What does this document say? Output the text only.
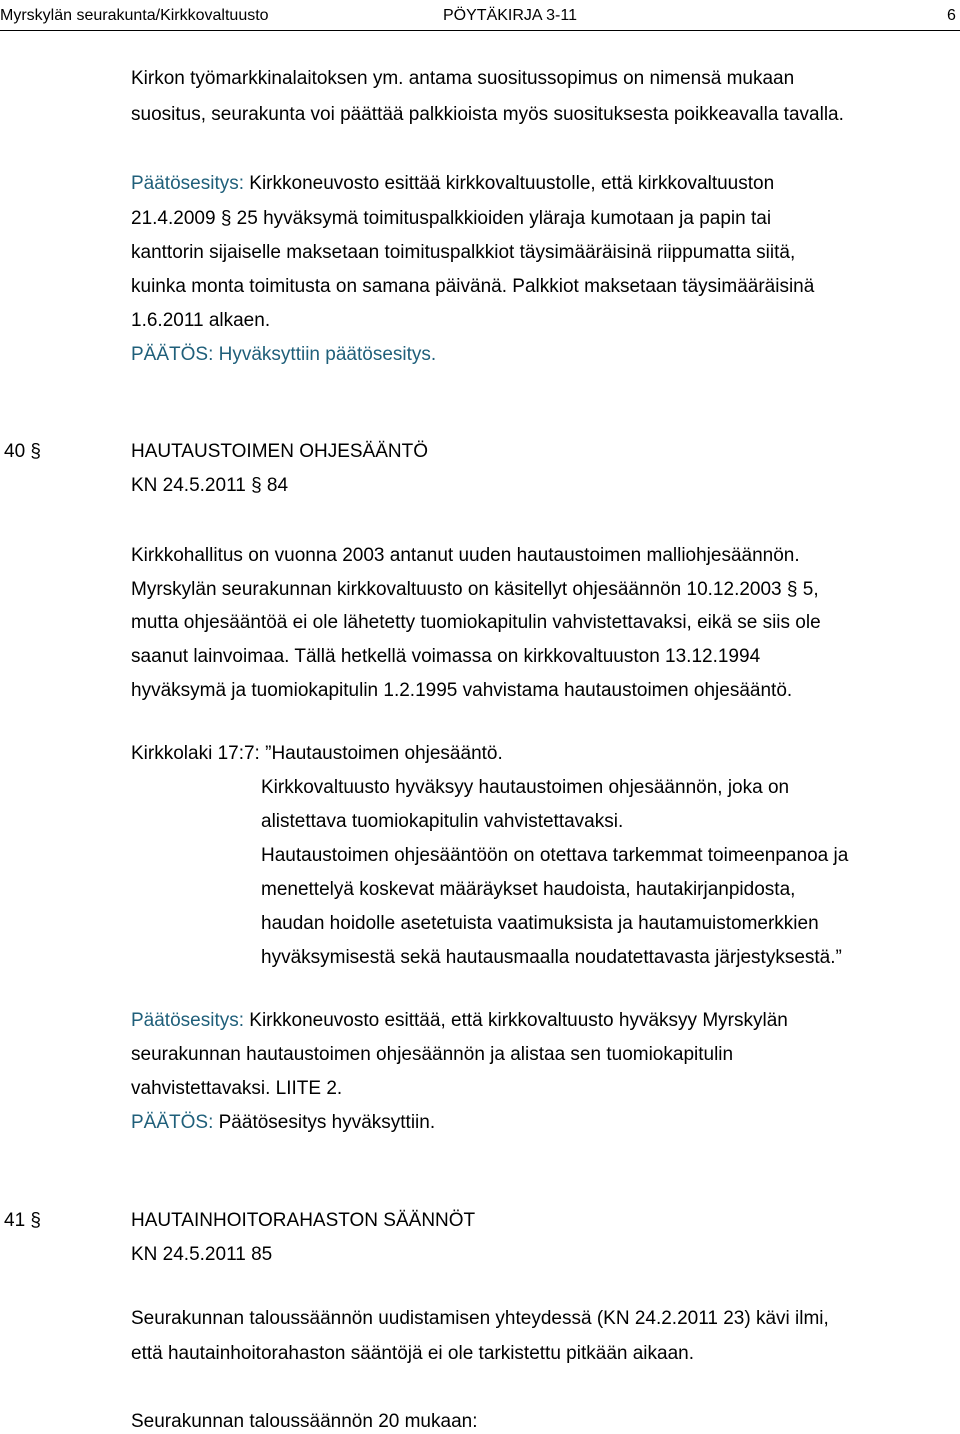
Myrskylän seurakunta/Kirkkovaltuusto	PÖYTÄKIRJA 3-11	6
Kirkon työmarkkinalaitoksen ym. antama suositussopimus on nimensä mukaan
suositus, seurakunta voi päättää palkkioista myös suosituksesta poikkeavalla tavalla.
Päätösesitys: Kirkkoneuvosto esittää kirkkovaltuustolle, että kirkkovaltuuston
21.4.2009 § 25 hyväksymä toimituspalkkioiden yläraja kumotaan ja papin tai
kanttorin sijaiselle maksetaan toimituspalkkiot täysimääräisinä riippumatta siitä,
kuinka monta toimitusta on samana päivänä. Palkkiot maksetaan täysimääräisinä
1.6.2011 alkaen.
PÄÄTÖS: Hyväksyttiin päätösesitys.
40 §	HAUTAUSTOIMEN OHJESÄÄNTÖ
KN 24.5.2011 § 84
Kirkkohallitus on vuonna 2003 antanut uuden hautaustoimen malliohjesäännön.
Myrskylän seurakunnan kirkkovaltuusto on käsitellyt ohjesäännön 10.12.2003 § 5,
mutta ohjesääntöä ei ole lähetetty tuomiokapitulin vahvistettavaksi, eikä se siis ole
saanut lainvoimaa. Tällä hetkellä voimassa on kirkkovaltuuston 13.12.1994
hyväksymä ja tuomiokapitulin 1.2.1995 vahvistama hautaustoimen ohjesääntö.
Kirkkolaki 17:7: ”Hautaustoimen ohjesääntö.
Kirkkovaltuusto hyväksyy hautaustoimen ohjesäännön, joka on
alistettava tuomiokapitulin vahvistettavaksi.
Hautaustoimen ohjesääntöön on otettava tarkemmat toimeenpanoa ja
menettelyä koskevat määräykset haudoista, hautakirjanpidosta,
haudan hoidolle asetetuista vaatimuksista ja hautamuistomerkkien
hyväksymisestä sekä hautausmaalla noudatettavasta järjestyksestä.”
Päätösesitys: Kirkkoneuvosto esittää, että kirkkovaltuusto hyväksyy Myrskylän
seurakunnan hautaustoimen ohjesäännön ja alistaa sen tuomiokapitulin
vahvistettavaksi. LIITE 2.
PÄÄTÖS: Päätösesitys hyväksyttiin.
41 §	HAUTAINHOITORAHASTON SÄÄNNÖT
KN 24.5.2011 85
Seurakunnan taloussäännön uudistamisen yhteydessä (KN 24.2.2011 23) kävi ilmi,
että hautainhoitorahaston sääntöjä ei ole tarkistettu pitkään aikaan.
Seurakunnan taloussäännön 20 mukaan:
